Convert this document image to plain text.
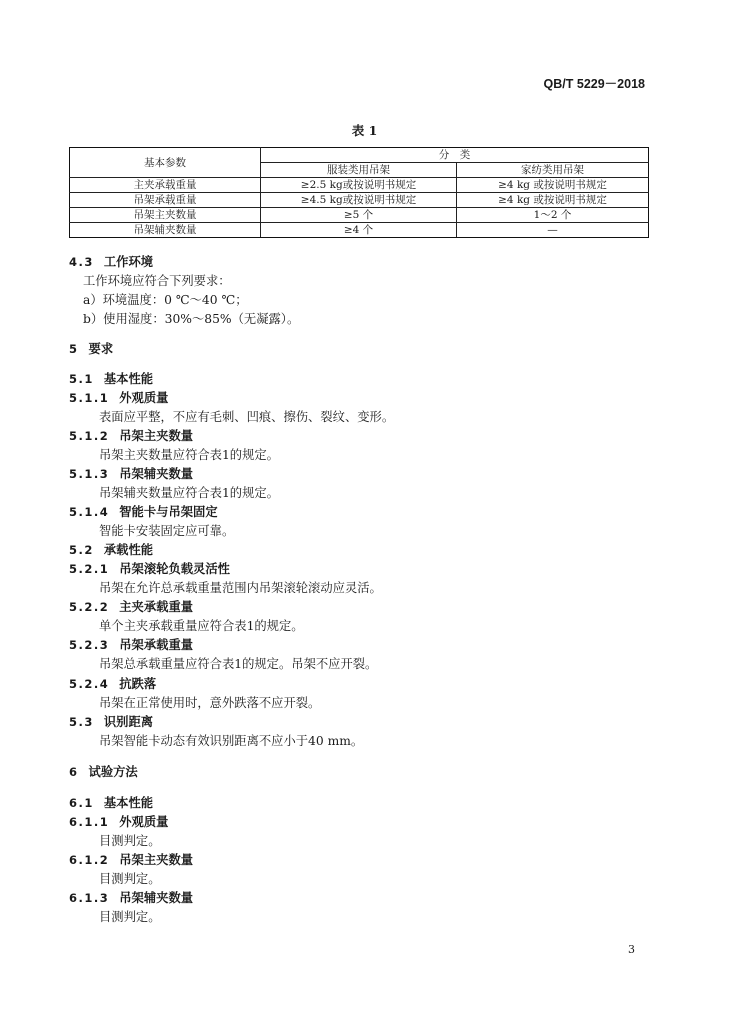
QB/T 5229－2018
表 1
基本参数	分　类	
	服装类用吊架	家纺类用吊架
主夹承载重量	≥2.5 kg或按说明书规定	≥4 kg 或按说明书规定
吊架承载重量	≥4.5 kg或按说明书规定	≥4 kg 或按说明书规定
吊架主夹数量	≥5 个	1～2 个
吊架辅夹数量	≥4 个	—
4.3 工作环境
工作环境应符合下列要求：
a）环境温度：0 ℃～40 ℃；
b）使用湿度：30%～85%（无凝露）。
5 要求
5.1 基本性能
5.1.1 外观质量
表面应平整，不应有毛刺、凹痕、擦伤、裂纹、变形。
5.1.2 吊架主夹数量
吊架主夹数量应符合表1的规定。
5.1.3 吊架辅夹数量
吊架辅夹数量应符合表1的规定。
5.1.4 智能卡与吊架固定
智能卡安装固定应可靠。
5.2 承载性能
5.2.1 吊架滚轮负载灵活性
吊架在允许总承载重量范围内吊架滚轮滚动应灵活。
5.2.2 主夹承载重量
单个主夹承载重量应符合表1的规定。
5.2.3 吊架承载重量
吊架总承载重量应符合表1的规定。吊架不应开裂。
5.2.4 抗跌落
吊架在正常使用时，意外跌落不应开裂。
5.3 识别距离
吊架智能卡动态有效识别距离不应小于40 mm。
6 试验方法
6.1 基本性能
6.1.1 外观质量
目测判定。
6.1.2 吊架主夹数量
目测判定。
6.1.3 吊架辅夹数量
目测判定。
3
